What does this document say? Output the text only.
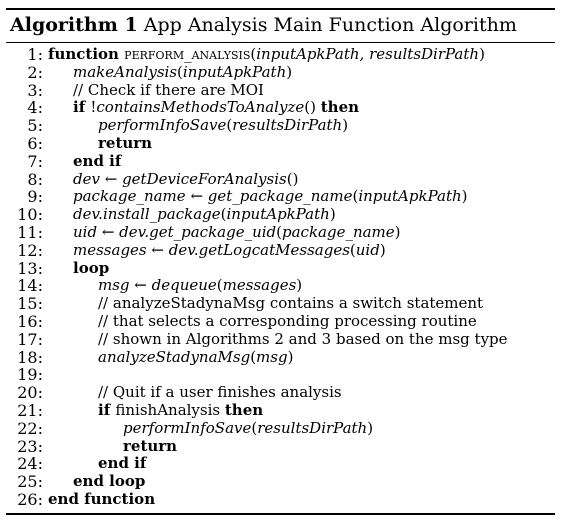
Algorithm 1 App Analysis Main Function Algorithm
1: function perform_analysis(inputApkPath, resultsDirPath)
2: makeAnalysis(inputApkPath)
3: // Check if there are MOI
4: if !containsMethodsToAnalyze() then
5:	performInfoSave(resultsDirPath)
6:	return
7: end if
8: dev ← getDeviceForAnalysis()
9: package_name ← get_package_name(inputApkPath)
10: dev.install_package(inputApkPath)
11: uid ← dev.get_package_uid(package_name)
12: messages ← dev.getLogcatMessages(uid)
13: loop
14:	msg ← dequeue(messages)
15:	// analyzeStadynaMsg contains a switch statement
16:	// that selects a corresponding processing routine
17:	// shown in Algorithms 2 and 3 based on the msg type
18:	analyzeStadynaMsg(msg)
19:
20:	// Quit if a user finishes analysis
21:	if finishAnalysis then
22:	performInfoSave(resultsDirPath)
23:	return
24:	end if
25: end loop
26: end function
